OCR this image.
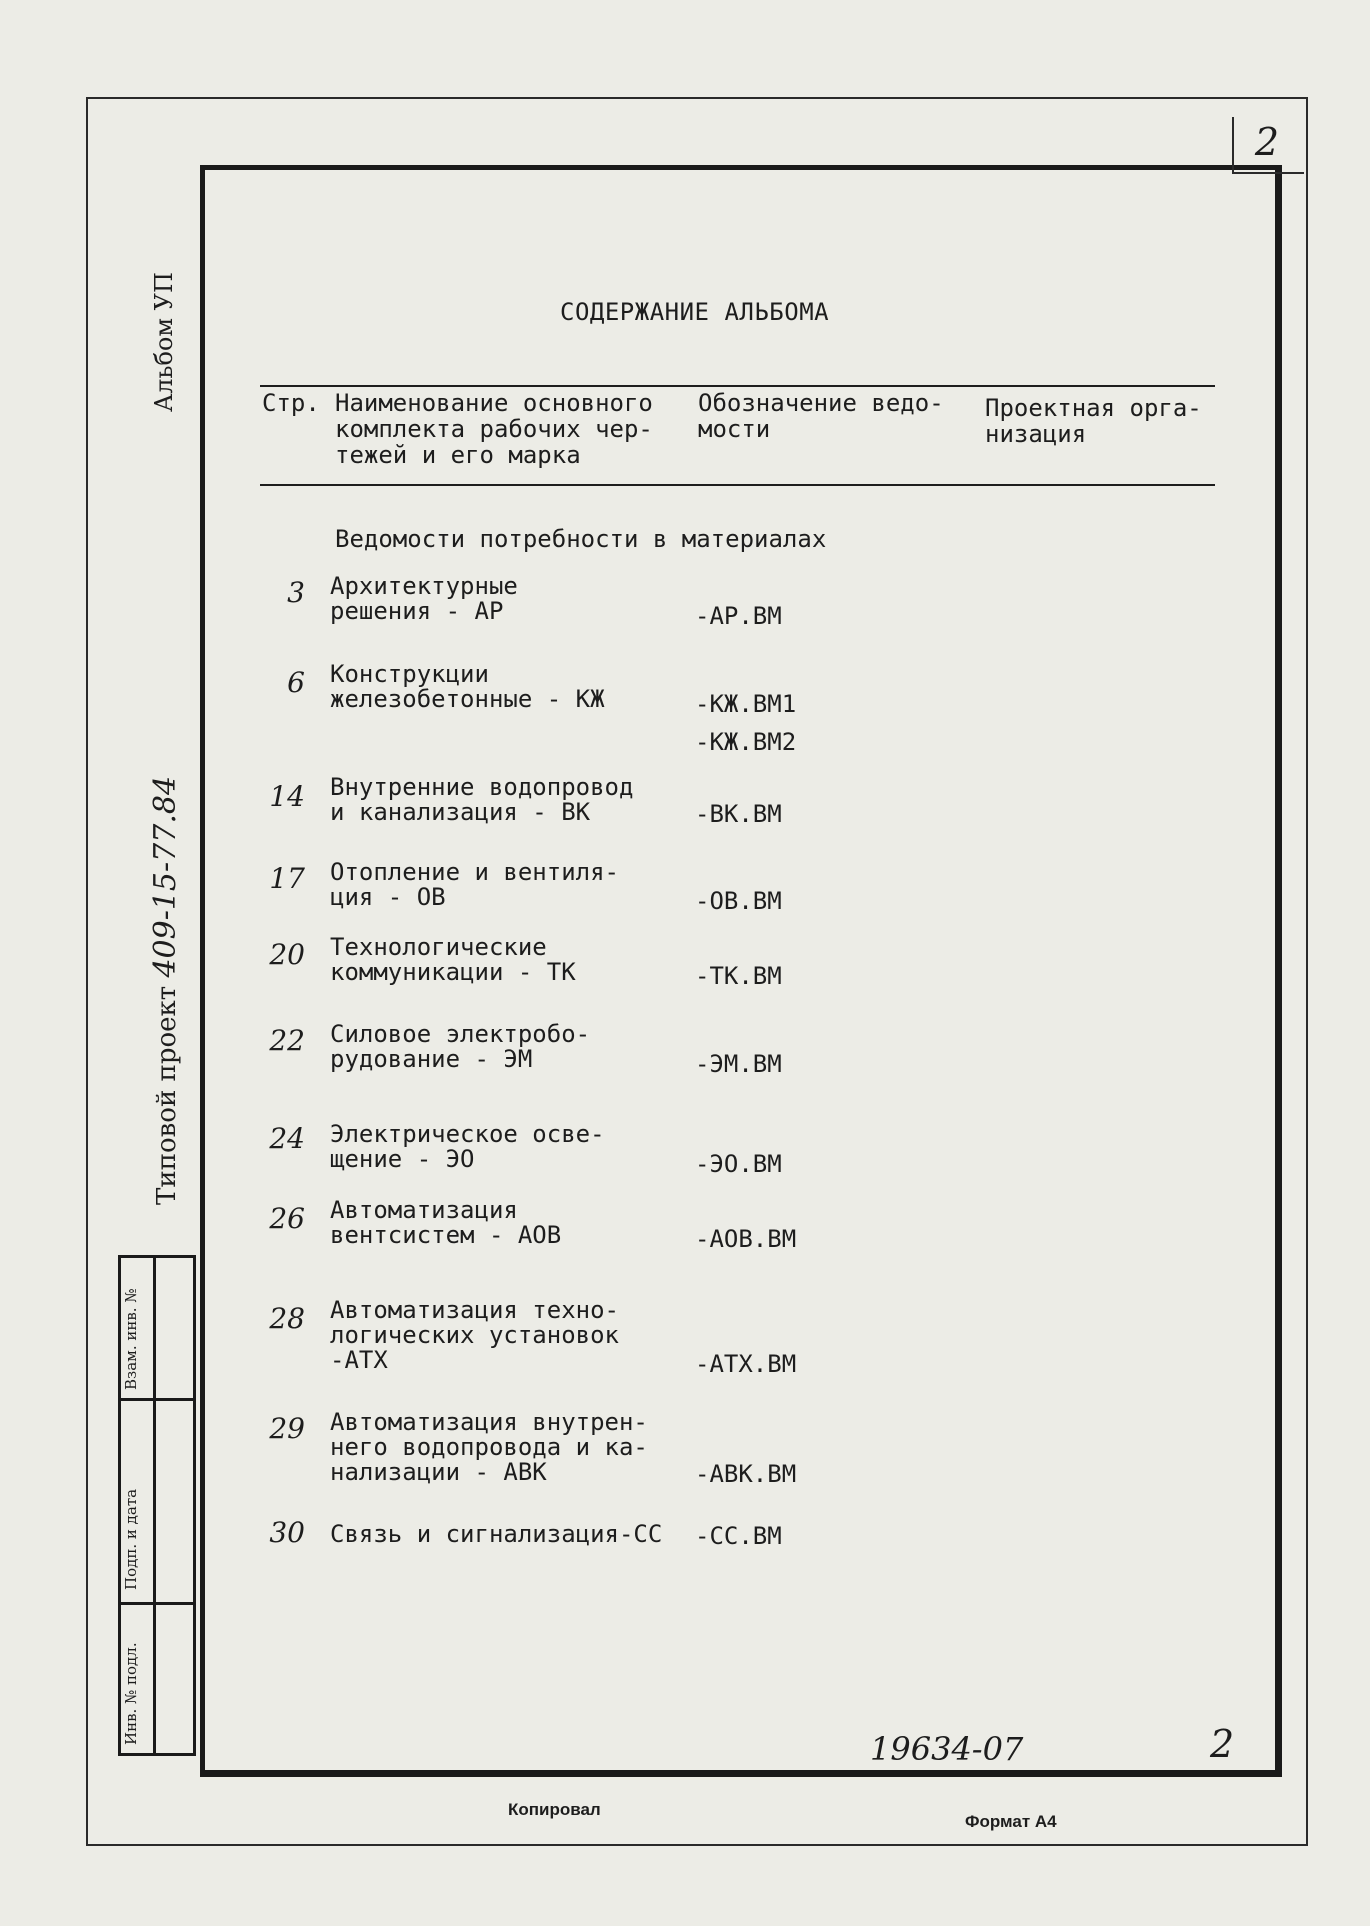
2
Альбом УП
Типовой проект 409-15-77.84
Взам. инв. №
Подп. и дата
Инв. № подл.
СОДЕРЖАНИЕ АЛЬБОМА
Стр. Наименование основного
комплекта рабочих чер-
тежей и его марка
Обозначение ведо-
мости
Проектная орга-
низация
Ведомости потребности в материалах
3 Архитектурные
решения - АР	-АР.ВМ
6 Конструкции
железобетонные - КЖ	-КЖ.ВМ1
-КЖ.ВМ2
14 Внутренние водопровод
и канализация - ВК	-ВК.ВМ
17 Отопление и вентиля-
ция - ОВ	-ОВ.ВМ
20 Технологические
коммуникации - ТК	-ТК.ВМ
22 Силовое электробо-
рудование - ЭМ	-ЭМ.ВМ
24 Электрическое осве-
щение - ЭО	-ЭО.ВМ
26 Автоматизация
вентсистем - АОВ	-АОВ.ВМ
28 Автоматизация техно-
логических установок
-АТХ	-АТХ.ВМ
29 Автоматизация внутрен-
него водопровода и ка-
нализации - АВК	-АВК.ВМ
30 Связь и сигнализация-СС -СС.ВМ
19634-07	2
Копировал
Формат А4
